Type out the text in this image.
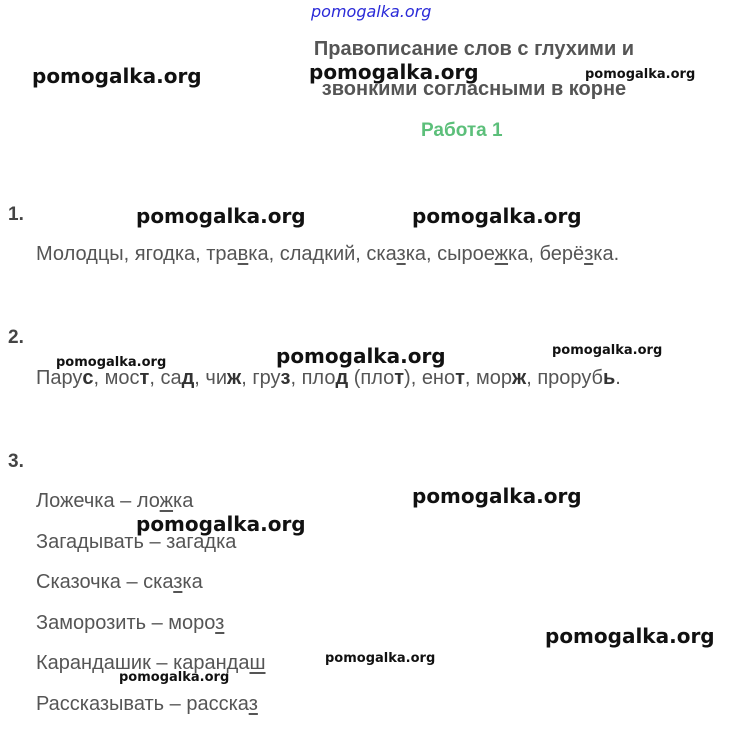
pomogalka.org
pomogalka.org	pomogalka.org	pomogalka.org
pomogalka.org	pomogalka.org
pomogalka.org	pomogalka.org	pomogalka.org
pomogalka.org
pomogalka.org
pomogalka.org
Правописание слов с глухими и
звонкими согласными в корне
Работа 1
1.
Молодцы, ягодка, травка, сладкий, сказка, сыроежка, берёзка.
2.
Парус, мост, сад, чиж, груз, плод (плот), енот, морж, прорубь.
3.
Ложечка – ложка
Загадывать – загадка
Сказочка – сказка
Заморозить – мороз
Карандашик – карандаш
Рассказывать – рассказ
pomogalka.org
pomogalka.org
